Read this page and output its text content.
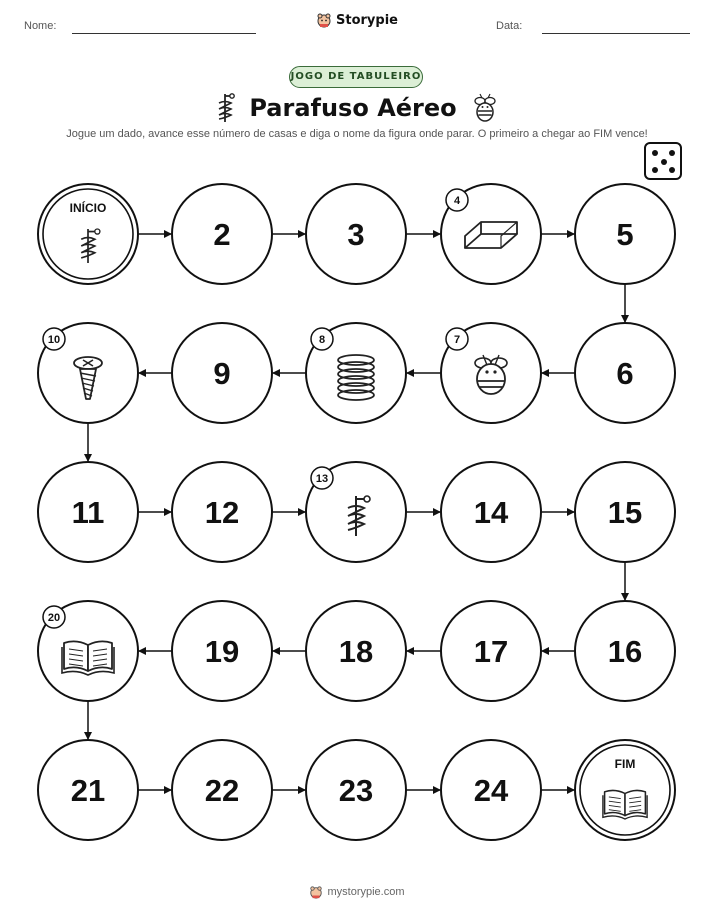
Nome:	Data:
Storypie
JOGO DE TABULEIRO
Parafuso Aéreo
Jogue um dado, avance esse número de casas e diga o nome da figura onde parar. O primeiro a chegar ao FIM vence!
INÍCIO
2	3
4
5
10
9
8	7
6
11	12
13
14	15
20
19	18	17	16
21	22	23	24
FIM
mystorypie.com
